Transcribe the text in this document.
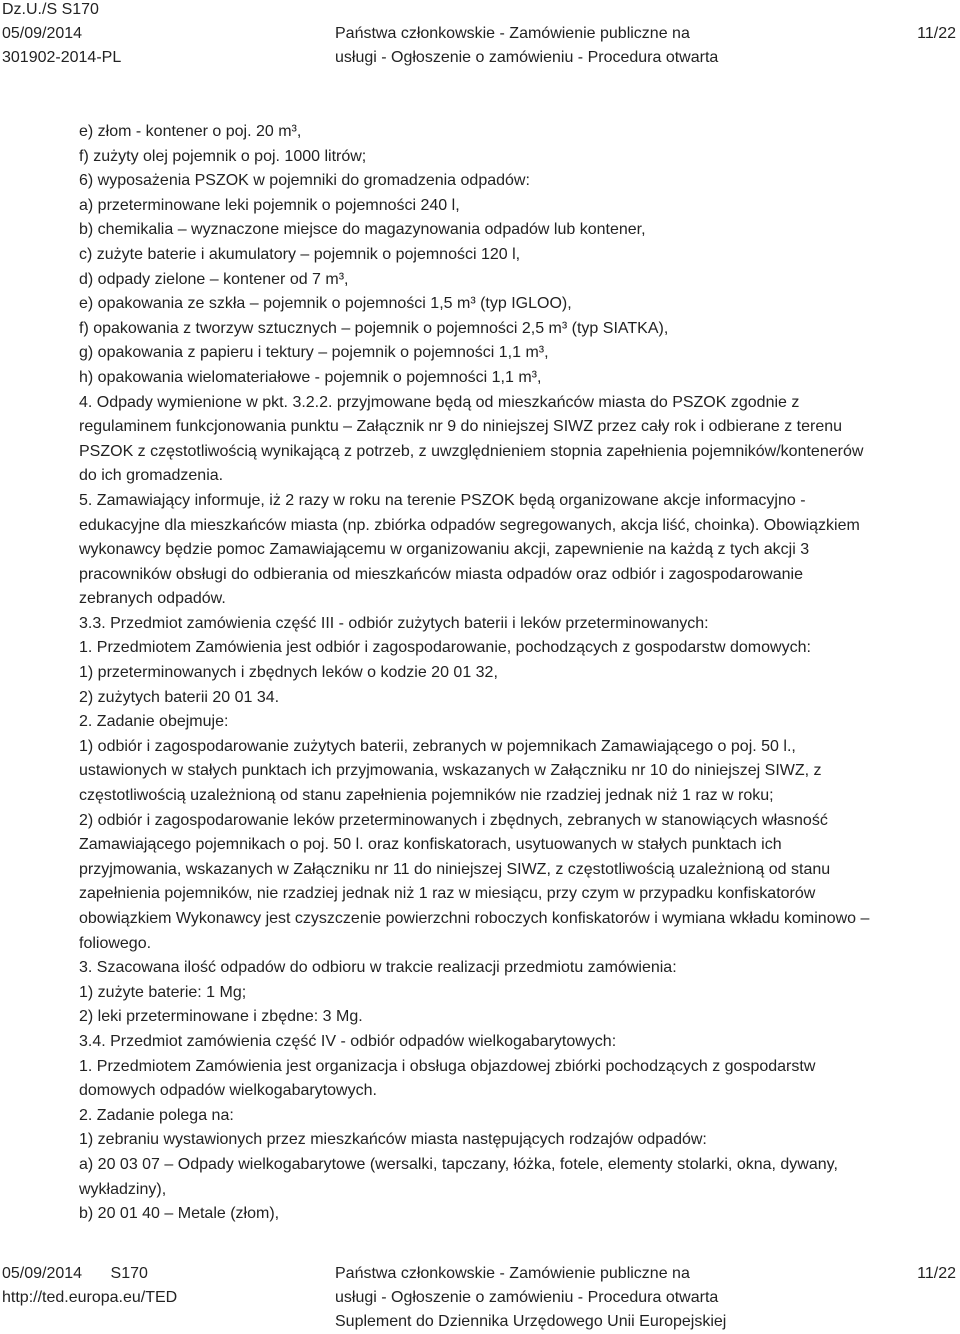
Dz.U./S S170
05/09/2014
301902-2014-PL
Państwa członkowskie - Zamówienie publiczne na
usługi - Ogłoszenie o zamówieniu - Procedura otwarta
11/22

e) złom - kontener o poj. 20 m³,

f) zużyty olej pojemnik o poj. 1000 litrów;

6) wyposażenia PSZOK w pojemniki do gromadzenia odpadów:

a) przeterminowane leki pojemnik o pojemności 240 l,

b) chemikalia – wyznaczone miejsce do magazynowania odpadów lub kontener,

c) zużyte baterie i akumulatory – pojemnik o pojemności 120 l,

d) odpady zielone – kontener od 7 m³,

e) opakowania ze szkła – pojemnik o pojemności 1,5 m³ (typ IGLOO),

f) opakowania z tworzyw sztucznych – pojemnik o pojemności 2,5 m³ (typ SIATKA),

g) opakowania z papieru i tektury – pojemnik o pojemności 1,1 m³,

h) opakowania wielomateriałowe - pojemnik o pojemności 1,1 m³,

4. Odpady wymienione w pkt. 3.2.2. przyjmowane będą od mieszkańców miasta do PSZOK zgodnie z

regulaminem funkcjonowania punktu – Załącznik nr 9 do niniejszej SIWZ przez cały rok i odbierane z terenu

PSZOK z częstotliwością wynikającą z potrzeb, z uwzględnieniem stopnia zapełnienia pojemników/kontenerów

do ich gromadzenia.

5. Zamawiający informuje, iż 2 razy w roku na terenie PSZOK będą organizowane akcje informacyjno -

edukacyjne dla mieszkańców miasta (np. zbiórka odpadów segregowanych, akcja liść, choinka). Obowiązkiem

wykonawcy będzie pomoc Zamawiającemu w organizowaniu akcji, zapewnienie na każdą z tych akcji 3

pracowników obsługi do odbierania od mieszkańców miasta odpadów oraz odbiór i zagospodarowanie

zebranych odpadów.

3.3. Przedmiot zamówienia część III - odbiór zużytych baterii i leków przeterminowanych:

1. Przedmiotem Zamówienia jest odbiór i zagospodarowanie, pochodzących z gospodarstw domowych:

1) przeterminowanych i zbędnych leków o kodzie 20 01 32,

2) zużytych baterii 20 01 34.

2. Zadanie obejmuje:

1) odbiór i zagospodarowanie zużytych baterii, zebranych w pojemnikach Zamawiającego o poj. 50 l.,

ustawionych w stałych punktach ich przyjmowania, wskazanych w Załączniku nr 10 do niniejszej SIWZ, z

częstotliwością uzależnioną od stanu zapełnienia pojemników nie rzadziej jednak niż 1 raz w roku;

2) odbiór i zagospodarowanie leków przeterminowanych i zbędnych, zebranych w stanowiących własność

Zamawiającego pojemnikach o poj. 50 l. oraz konfiskatorach, usytuowanych w stałych punktach ich

przyjmowania, wskazanych w Załączniku nr 11 do niniejszej SIWZ, z częstotliwością uzależnioną od stanu

zapełnienia pojemników, nie rzadziej jednak niż 1 raz w miesiącu, przy czym w przypadku konfiskatorów

obowiązkiem Wykonawcy jest czyszczenie powierzchni roboczych konfiskatorów i wymiana wkładu kominowo –

foliowego.

3. Szacowana ilość odpadów do odbioru w trakcie realizacji przedmiotu zamówienia:

1) zużyte baterie: 1 Mg;

2) leki przeterminowane i zbędne: 3 Mg.

3.4. Przedmiot zamówienia część IV - odbiór odpadów wielkogabarytowych:

1. Przedmiotem Zamówienia jest organizacja i obsługa objazdowej zbiórki pochodzących z gospodarstw

domowych odpadów wielkogabarytowych.

2. Zadanie polega na:

1) zebraniu wystawionych przez mieszkańców miasta następujących rodzajów odpadów:

a) 20 03 07 – Odpady wielkogabarytowe (wersalki, tapczany, łóżka, fotele, elementy stolarki, okna, dywany,

wykładziny),

b) 20 01 40 – Metale (złom),

05/09/2014 S170
http://ted.europa.eu/TED
Państwa członkowskie - Zamówienie publiczne na
usługi - Ogłoszenie o zamówieniu - Procedura otwarta
Suplement do Dziennika Urzędowego Unii Europejskiej
11/22
